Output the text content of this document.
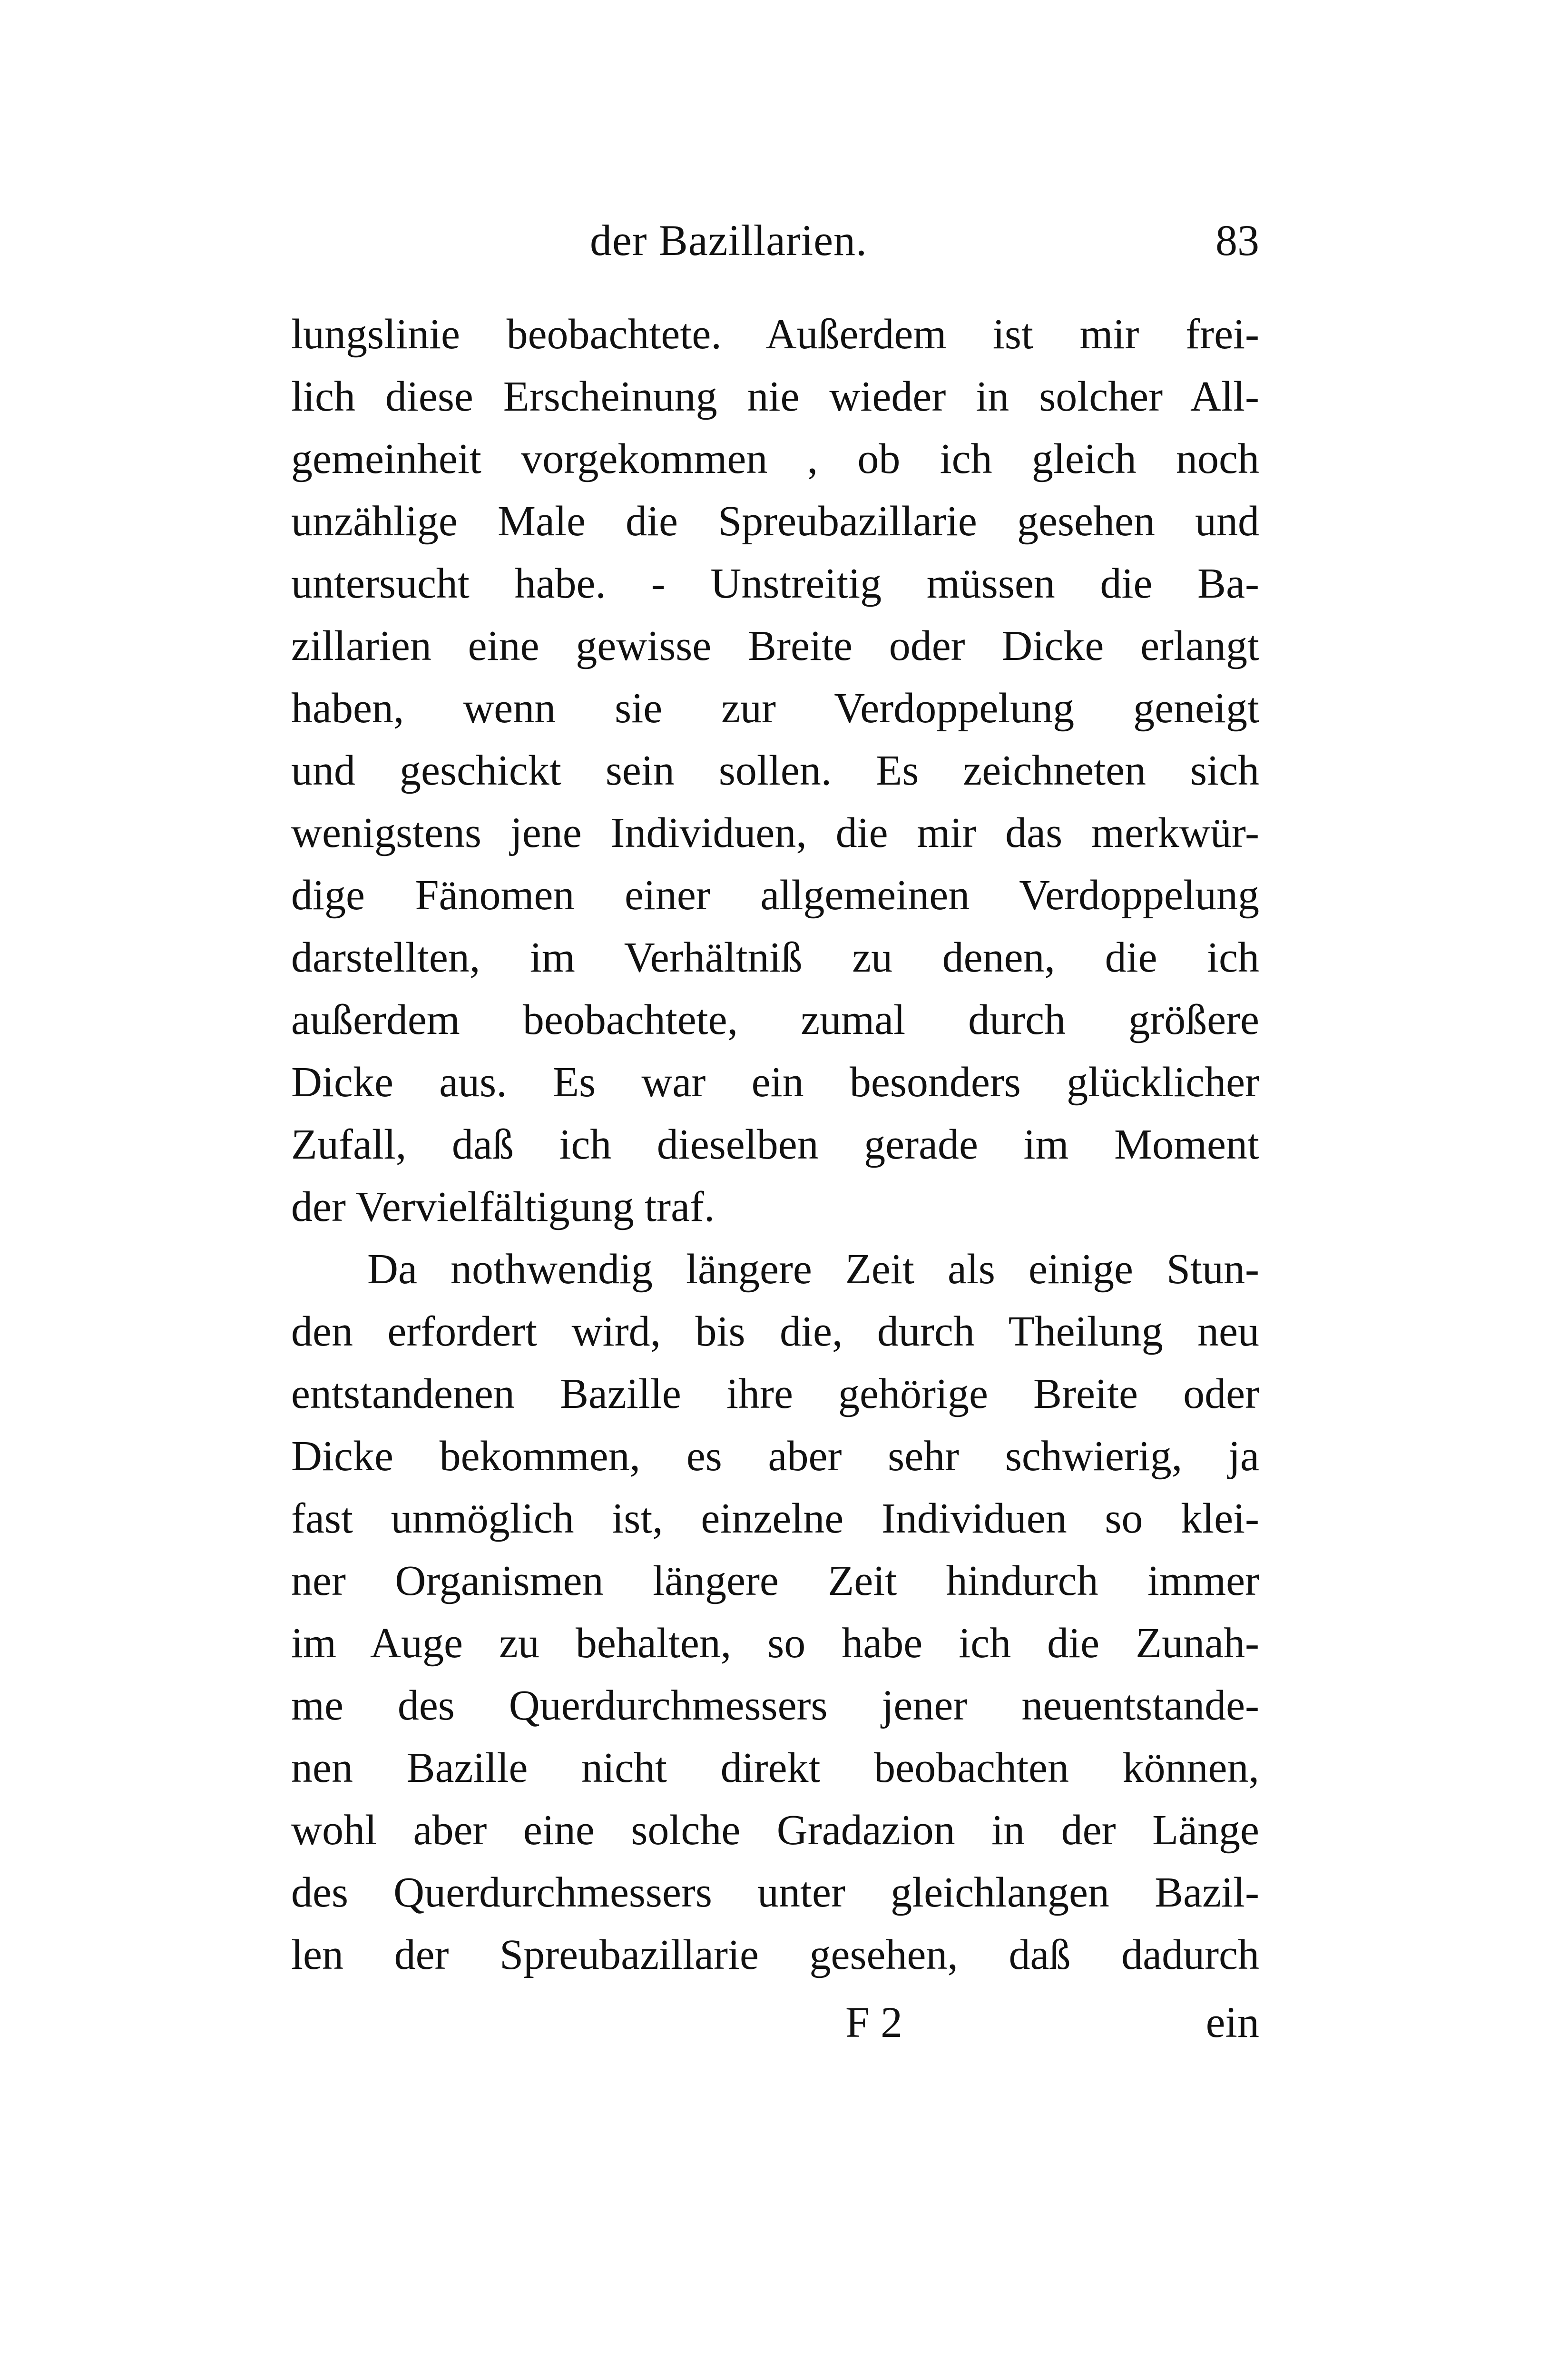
der Bazillarien.	83
lungslinie beobachtete. Außerdem ist mir frei-
lich diese Erscheinung nie wieder in solcher All-
gemeinheit vorgekommen , ob ich gleich noch
unzählige Male die Spreubazillarie gesehen und
untersucht habe. - Unstreitig müssen die Ba-
zillarien eine gewisse Breite oder Dicke erlangt
haben, wenn sie zur Verdoppelung geneigt
und geschickt sein sollen. Es zeichneten sich
wenigstens jene Individuen, die mir das merkwür-
dige Fänomen einer allgemeinen Verdoppelung
darstellten, im Verhältniß zu denen, die ich
außerdem beobachtete, zumal durch größere
Dicke aus. Es war ein besonders glücklicher
Zufall, daß ich dieselben gerade im Moment
der Vervielfältigung traf.
Da nothwendig längere Zeit als einige Stun-
den erfordert wird, bis die, durch Theilung neu
entstandenen Bazille ihre gehörige Breite oder
Dicke bekommen, es aber sehr schwierig, ja
fast unmöglich ist, einzelne Individuen so klei-
ner Organismen längere Zeit hindurch immer
im Auge zu behalten, so habe ich die Zunah-
me des Querdurchmessers jener neuentstande-
nen Bazille nicht direkt beobachten können,
wohl aber eine solche Gradazion in der Länge
des Querdurchmessers unter gleichlangen Bazil-
len der Spreubazillarie gesehen, daß dadurch
F 2	ein
